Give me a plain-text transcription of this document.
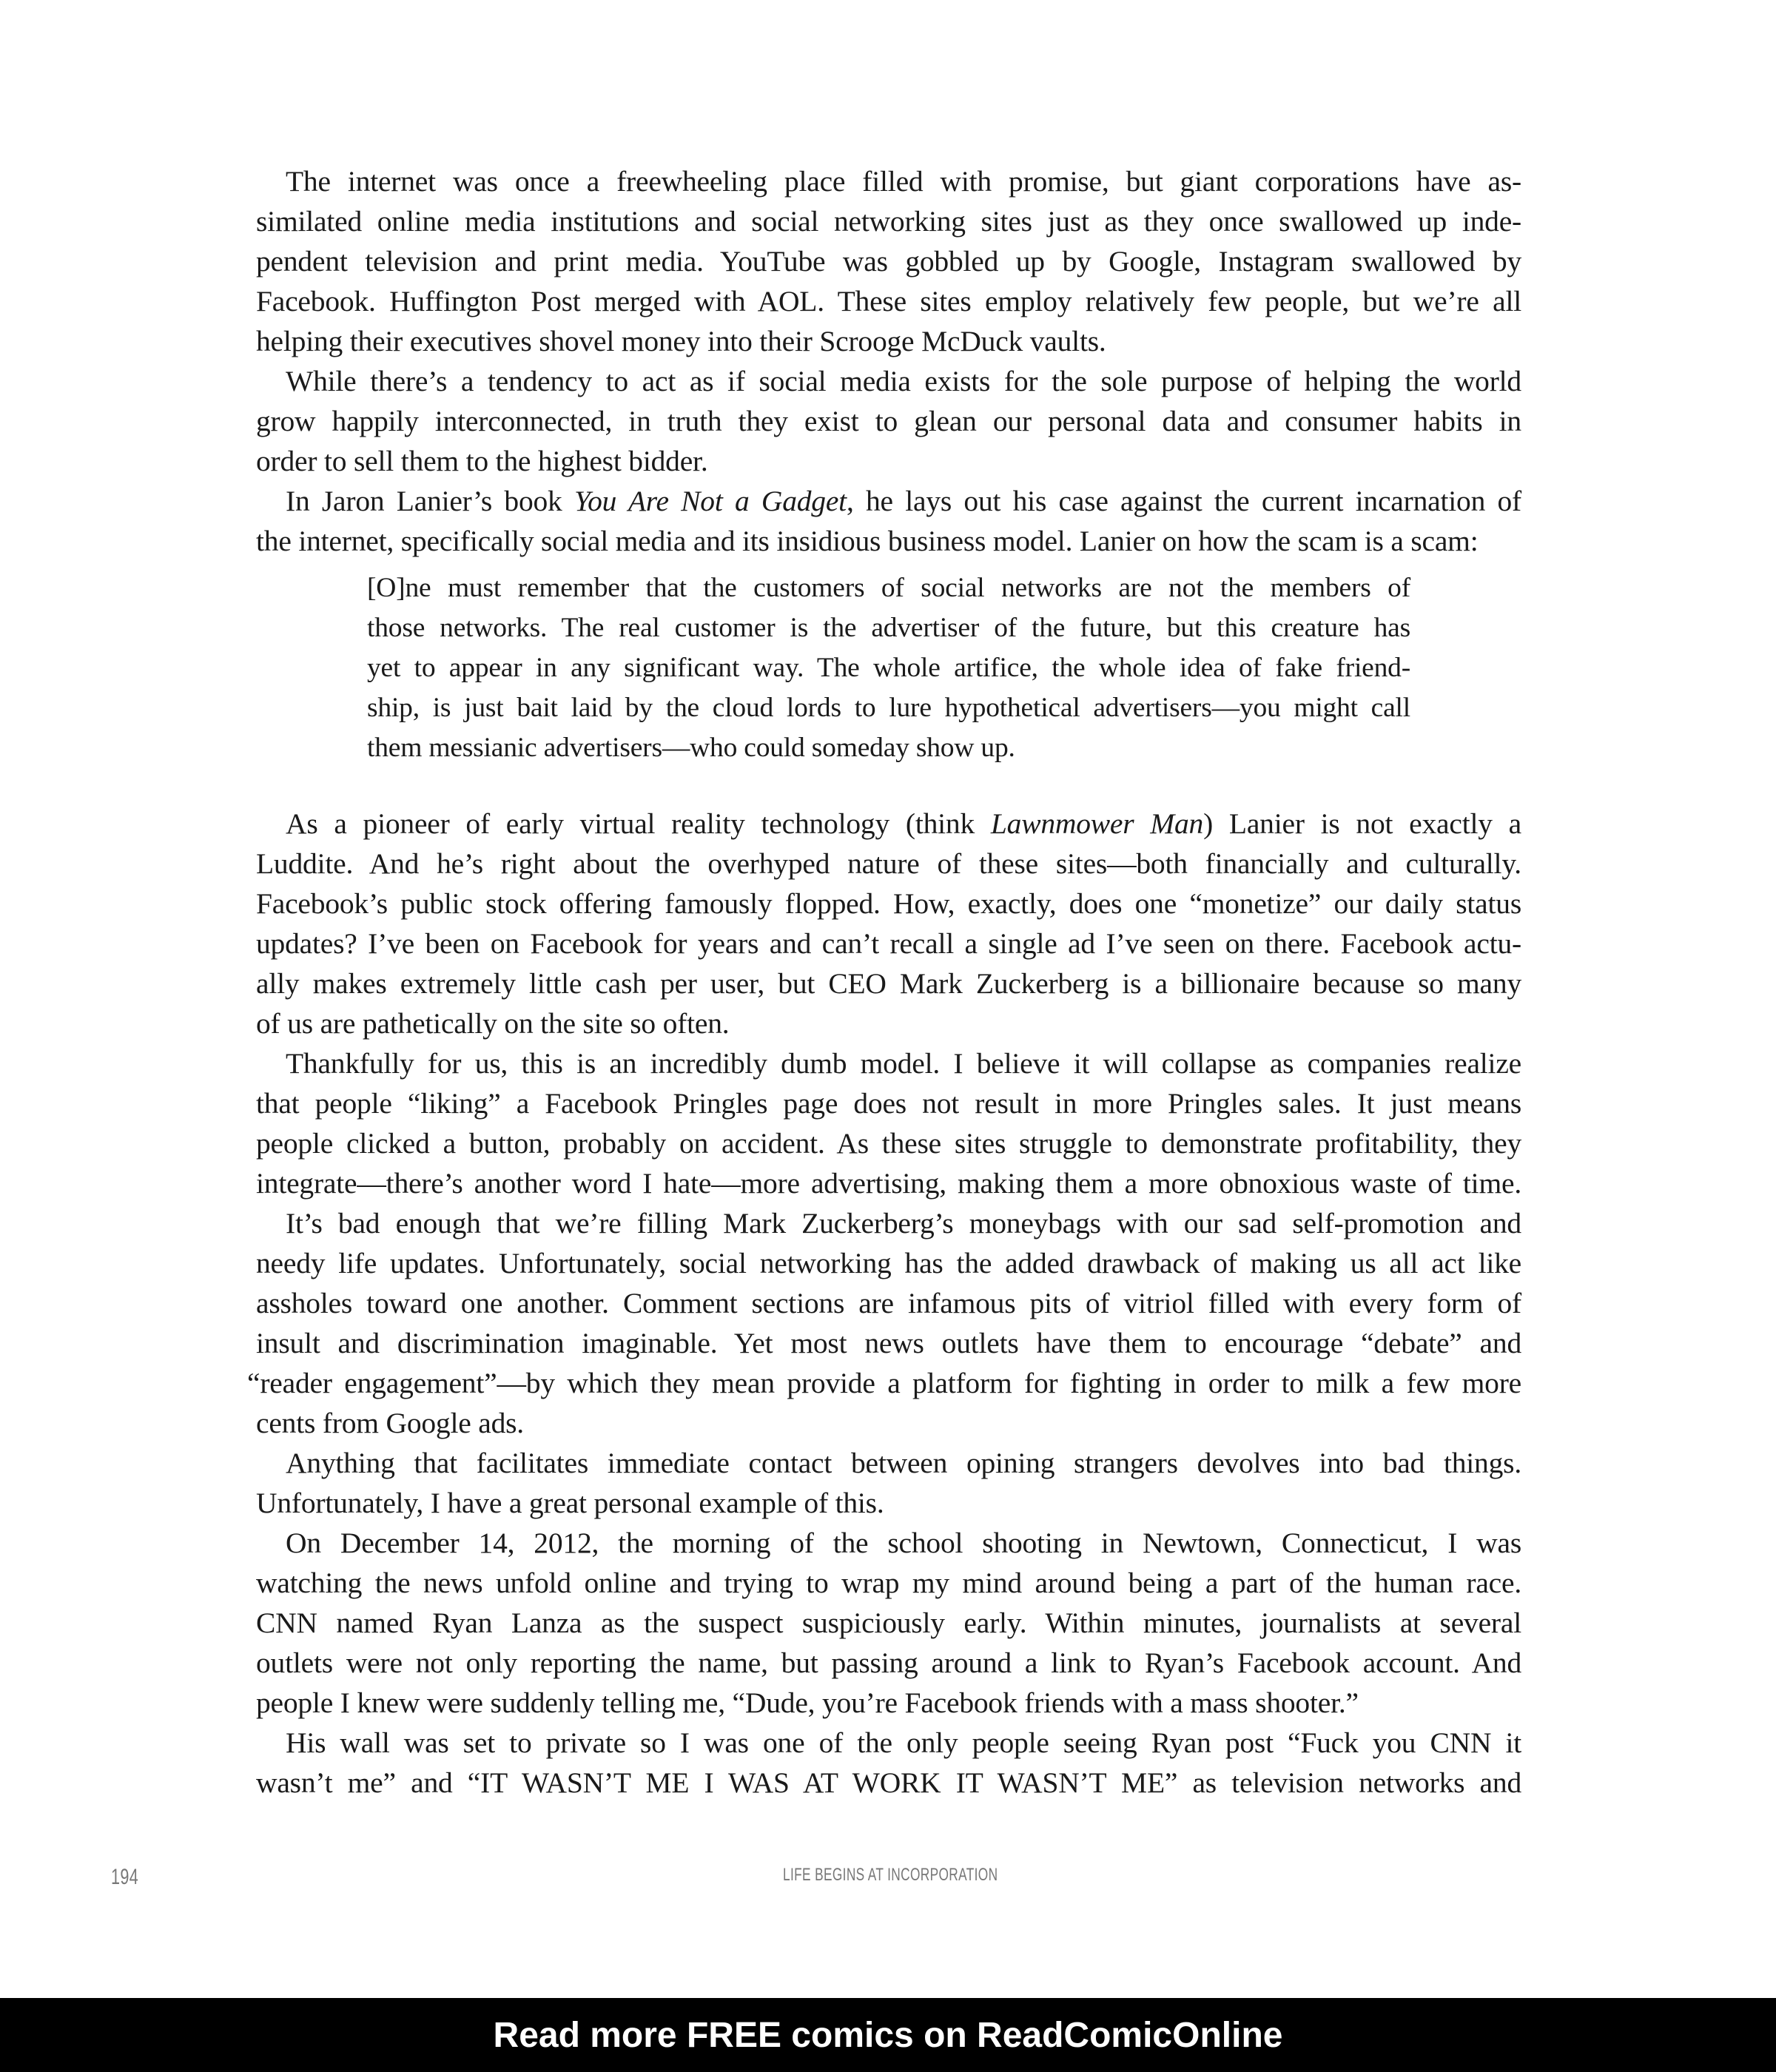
The internet was once a freewheeling place filled with promise, but giant corporations have as-
similated online media institutions and social networking sites just as they once swallowed up inde-
pendent television and print media. YouTube was gobbled up by Google, Instagram swallowed by
Facebook. Huffington Post merged with AOL. These sites employ relatively few people, but we’re all
helping their executives shovel money into their Scrooge McDuck vaults.
While there’s a tendency to act as if social media exists for the sole purpose of helping the world
grow happily interconnected, in truth they exist to glean our personal data and consumer habits in
order to sell them to the highest bidder.
In Jaron Lanier’s book You Are Not a Gadget, he lays out his case against the current incarnation of
the internet, specifically social media and its insidious business model. Lanier on how the scam is a scam:
[O]ne must remember that the customers of social networks are not the members of
those networks. The real customer is the advertiser of the future, but this creature has
yet to appear in any significant way. The whole artifice, the whole idea of fake friend-
ship, is just bait laid by the cloud lords to lure hypothetical advertisers—you might call
them messianic advertisers—who could someday show up.
As a pioneer of early virtual reality technology (think Lawnmower Man) Lanier is not exactly a
Luddite. And he’s right about the overhyped nature of these sites—both financially and culturally.
Facebook’s public stock offering famously flopped. How, exactly, does one “monetize” our daily status
updates? I’ve been on Facebook for years and can’t recall a single ad I’ve seen on there. Facebook actu-
ally makes extremely little cash per user, but CEO Mark Zuckerberg is a billionaire because so many
of us are pathetically on the site so often.
Thankfully for us, this is an incredibly dumb model. I believe it will collapse as companies realize
that people “liking” a Facebook Pringles page does not result in more Pringles sales. It just means
people clicked a button, probably on accident. As these sites struggle to demonstrate profitability, they
integrate—there’s another word I hate—more advertising, making them a more obnoxious waste of time.
It’s bad enough that we’re filling Mark Zuckerberg’s moneybags with our sad self-promotion and
needy life updates. Unfortunately, social networking has the added drawback of making us all act like
assholes toward one another. Comment sections are infamous pits of vitriol filled with every form of
insult and discrimination imaginable. Yet most news outlets have them to encourage “debate” and
“reader engagement”—by which they mean provide a platform for fighting in order to milk a few more
cents from Google ads.
Anything that facilitates immediate contact between opining strangers devolves into bad things.
Unfortunately, I have a great personal example of this.
On December 14, 2012, the morning of the school shooting in Newtown, Connecticut, I was
watching the news unfold online and trying to wrap my mind around being a part of the human race.
CNN named Ryan Lanza as the suspect suspiciously early. Within minutes, journalists at several
outlets were not only reporting the name, but passing around a link to Ryan’s Facebook account. And
people I knew were suddenly telling me, “Dude, you’re Facebook friends with a mass shooter.”
His wall was set to private so I was one of the only people seeing Ryan post “Fuck you CNN it
wasn’t me” and “IT WASN’T ME I WAS AT WORK IT WASN’T ME” as television networks and
194	LIFE BEGINS AT INCORPORATION
Read more FREE comics on ReadComicOnline
